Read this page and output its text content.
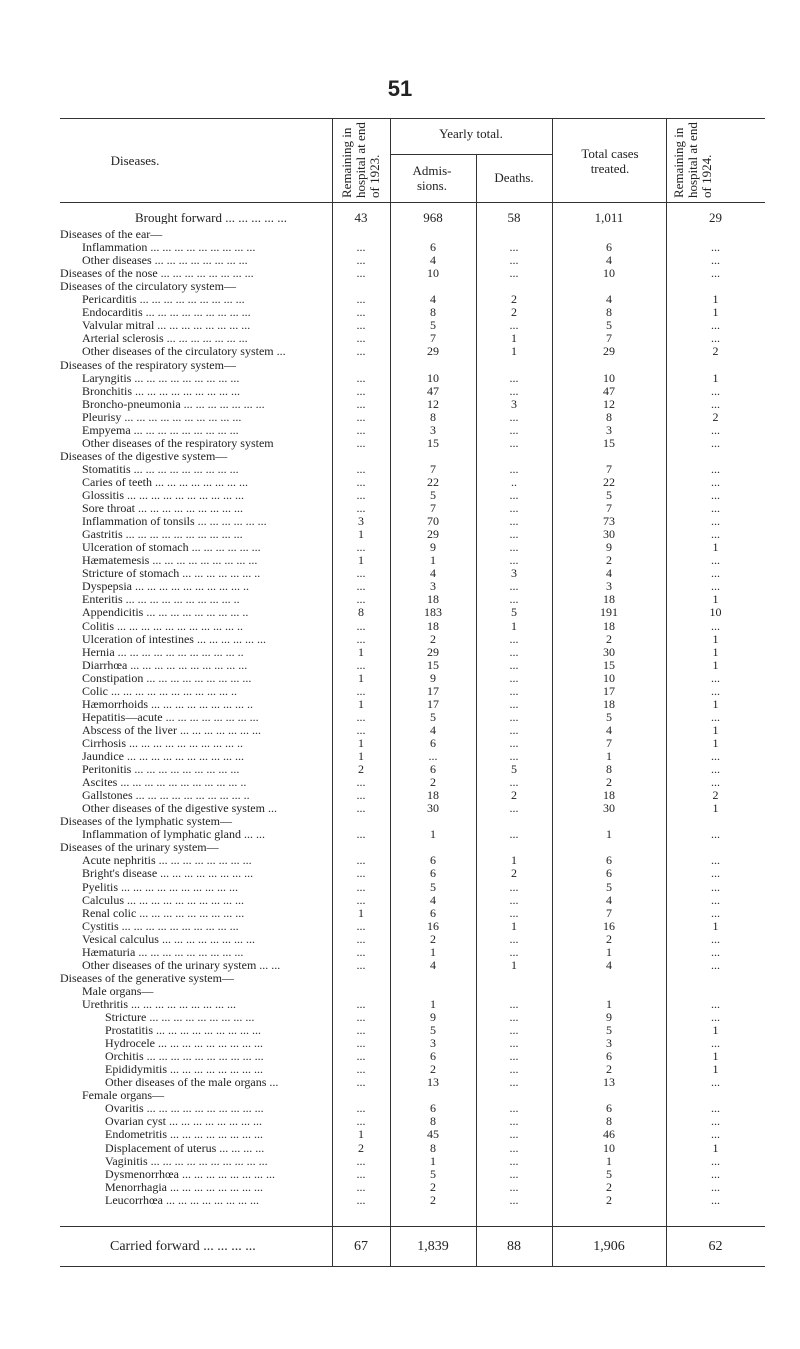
51
Diseases.	Remaining in hospital at end of 1923.
Yearly total.
Admis-sions.
Deaths.
Total cases treated.	Remaining in hospital at end of 1924.
Brought forward ... ... ... ... ...	43	968	58	1,011	29
Diseases of the ear—
Inflammation ... ... ... ... ... ... ... ... ...	...	6	...	6	...
Other diseases ... ... ... ... ... ... ... ...	...	4	...	4	...
Diseases of the nose ... ... ... ... ... ... ... ...	...	10	...	10	...
Diseases of the circulatory system—
Pericarditis ... ... ... ... ... ... ... ... ...	...	4	2	4	1
Endocarditis ... ... ... ... ... ... ... ... ...	...	8	2	8	1
Valvular mitral ... ... ... ... ... ... ... ...	...	5	...	5	...
Arterial sclerosis ... ... ... ... ... ... ...	...	7	1	7	...
Other diseases of the circulatory system ...	...	29	1	29	2
Diseases of the respiratory system—
Laryngitis ... ... ... ... ... ... ... ... ...	...	10	...	10	1
Bronchitis ... ... ... ... ... ... ... ... ...	...	47	...	47	...
Broncho-pneumonia ... ... ... ... ... ... ...	...	12	3	12	...
Pleurisy ... ... ... ... ... ... ... ... ... ...	...	8	...	8	2
Empyema ... ... ... ... ... ... ... ... ...	...	3	...	3	...
Other diseases of the respiratory system	...	15	...	15	...
Diseases of the digestive system—
Stomatitis ... ... ... ... ... ... ... ... ...	...	7	...	7	...
Caries of teeth ... ... ... ... ... ... ... ...	...	22	..	22	...
Glossitis ... ... ... ... ... ... ... ... ... ...	...	5	...	5	...
Sore throat ... ... ... ... ... ... ... ... ...	...	7	...	7	...
Inflammation of tonsils ... ... ... ... ... ...	3	70	...	73	...
Gastritis ... ... ... ... ... ... ... ... ... ...	1	29	...	30	...
Ulceration of stomach ... ... ... ... ... ...	...	9	...	9	1
Hæmatemesis ... ... ... ... ... ... ... ... ...	1	1	...	2	...
Stricture of stomach ... ... ... ... ... ... ..	...	4	3	4	...
Dyspepsia ... ... ... ... ... ... ... ... ... ..	...	3	...	3	...
Enteritis ... ... ... ... ... ... ... ... ... ..	...	18	...	18	1
Appendicitis ... ... ... ... ... ... ... ... ..	8	183	5	191	10
Colitis ... ... ... ... ... ... ... ... ... ... ..	...	18	1	18	...
Ulceration of intestines ... ... ... ... ... ...	...	2	...	2	1
Hernia ... ... ... ... ... ... ... ... ... ... ..	1	29	...	30	1
Diarrhœa ... ... ... ... ... ... ... ... ... ...	...	15	...	15	1
Constipation ... ... ... ... ... ... ... ... ...	1	9	...	10	...
Colic ... ... ... ... ... ... ... ... ... ... ..	...	17	...	17	...
Hæmorrhoids ... ... ... ... ... ... ... ... ..	1	17	...	18	1
Hepatitis—acute ... ... ... ... ... ... ... ...	...	5	...	5	...
Abscess of the liver ... ... ... ... ... ... ...	...	4	...	4	1
Cirrhosis ... ... ... ... ... ... ... ... ... ..	1	6	...	7	1
Jaundice ... ... ... ... ... ... ... ... ... ...	1	...	...	1	...
Peritonitis ... ... ... ... ... ... ... ... ...	2	6	5	8	...
Ascites ... ... ... ... ... ... ... ... ... ... ..	...	2	...	2	...
Gallstones ... ... ... ... ... ... ... ... ... ..	...	18	2	18	2
Other diseases of the digestive system ...	...	30	...	30	1
Diseases of the lymphatic system—
Inflammation of lymphatic gland ... ...	...	1	...	1	...
Diseases of the urinary system—
Acute nephritis ... ... ... ... ... ... ... ...	...	6	1	6	...
Bright's disease ... ... ... ... ... ... ... ...	...	6	2	6	...
Pyelitis ... ... ... ... ... ... ... ... ... ...	...	5	...	5	...
Calculus ... ... ... ... ... ... ... ... ... ...	...	4	...	4	...
Renal colic ... ... ... ... ... ... ... ... ...	1	6	...	7	...
Cystitis ... ... ... ... ... ... ... ... ... ...	...	16	1	16	1
Vesical calculus ... ... ... ... ... ... ... ...	...	2	...	2	...
Hæmaturia ... ... ... ... ... ... ... ... ...	...	1	...	1	...
Other diseases of the urinary system ... ...	...	4	1	4	...
Diseases of the generative system—
Male organs—
Urethritis ... ... ... ... ... ... ... ... ...	...	1	...	1	...
Stricture ... ... ... ... ... ... ... ... ...	...	9	...	9	...
Prostatitis ... ... ... ... ... ... ... ... ...	...	5	...	5	1
Hydrocele ... ... ... ... ... ... ... ... ...	...	3	...	3	...
Orchitis ... ... ... ... ... ... ... ... ... ...	...	6	...	6	1
Epididymitis ... ... ... ... ... ... ... ...	...	2	...	2	1
Other diseases of the male organs ...	...	13	...	13	...
Female organs—
Ovaritis ... ... ... ... ... ... ... ... ... ...	...	6	...	6	...
Ovarian cyst ... ... ... ... ... ... ... ...	...	8	...	8	...
Endometritis ... ... ... ... ... ... ... ...	1	45	...	46	...
Displacement of uterus ... ... ... ...	2	8	...	10	1
Vaginitis ... ... ... ... ... ... ... ... ... ...	...	1	...	1	...
Dysmenorrhœa ... ... ... ... ... ... ... ...	...	5	...	5	...
Menorrhagia ... ... ... ... ... ... ... ...	...	2	...	2	...
Leucorrhœa ... ... ... ... ... ... ... ...	...	2	...	2	...
Carried forward ... ... ... ...	67	1,839	88	1,906	62
